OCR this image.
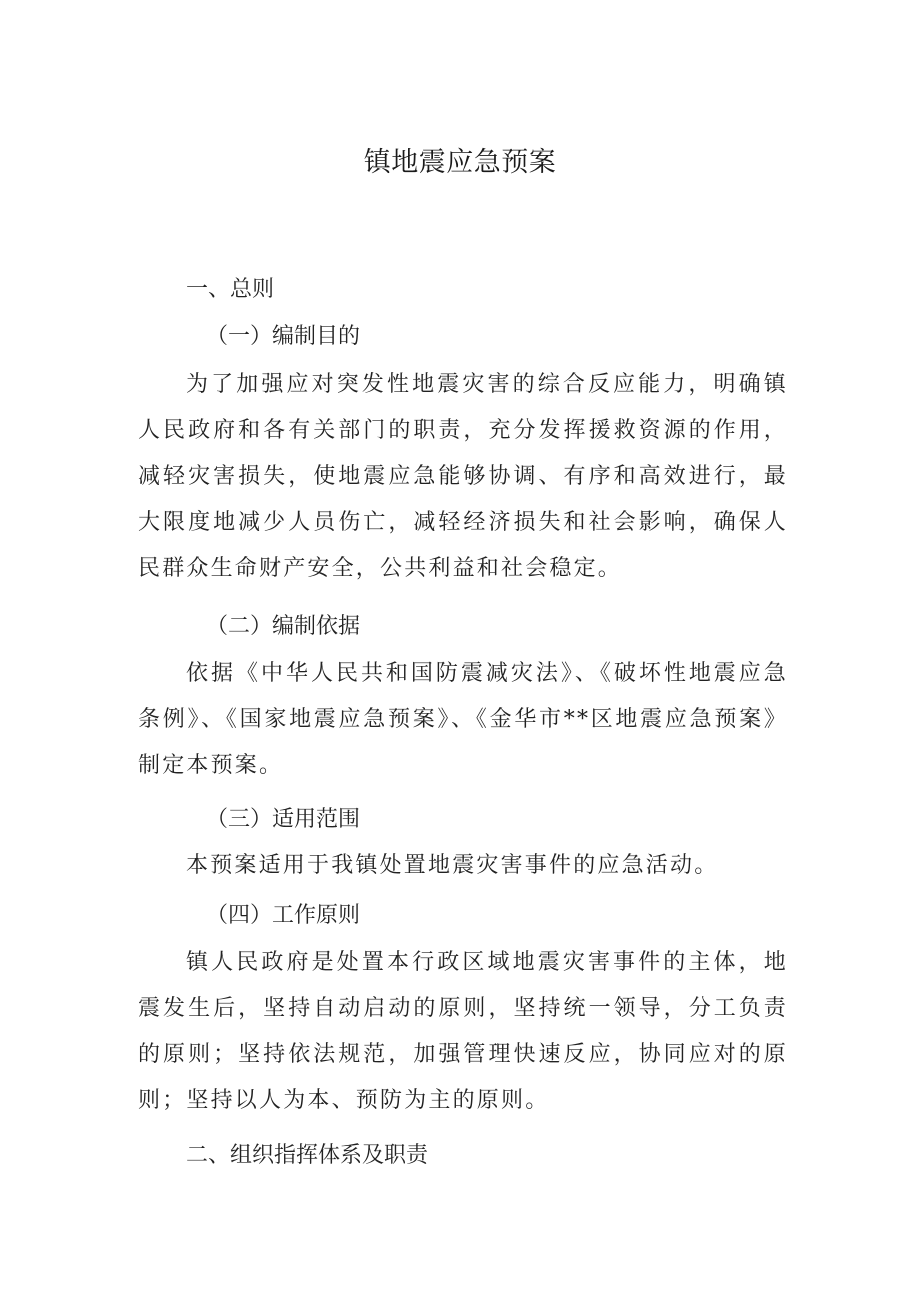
镇地震应急预案

一、总则

（一）编制目的

为了加强应对突发性地震灾害的综合反应能力，明确镇人民政府和各有关部门的职责，充分发挥援救资源的作用，减轻灾害损失，使地震应急能够协调、有序和高效进行，最大限度地减少人员伤亡，减轻经济损失和社会影响，确保人民群众生命财产安全，公共利益和社会稳定。

（二）编制依据

依据《中华人民共和国防震减灾法》、《破坏性地震应急条例》、《国家地震应急预案》、《金华市**区地震应急预案》制定本预案。

（三）适用范围

本预案适用于我镇处置地震灾害事件的应急活动。

（四）工作原则

镇人民政府是处置本行政区域地震灾害事件的主体，地震发生后，坚持自动启动的原则，坚持统一领导，分工负责的原则；坚持依法规范，加强管理快速反应，协同应对的原则；坚持以人为本、预防为主的原则。

二、组织指挥体系及职责
